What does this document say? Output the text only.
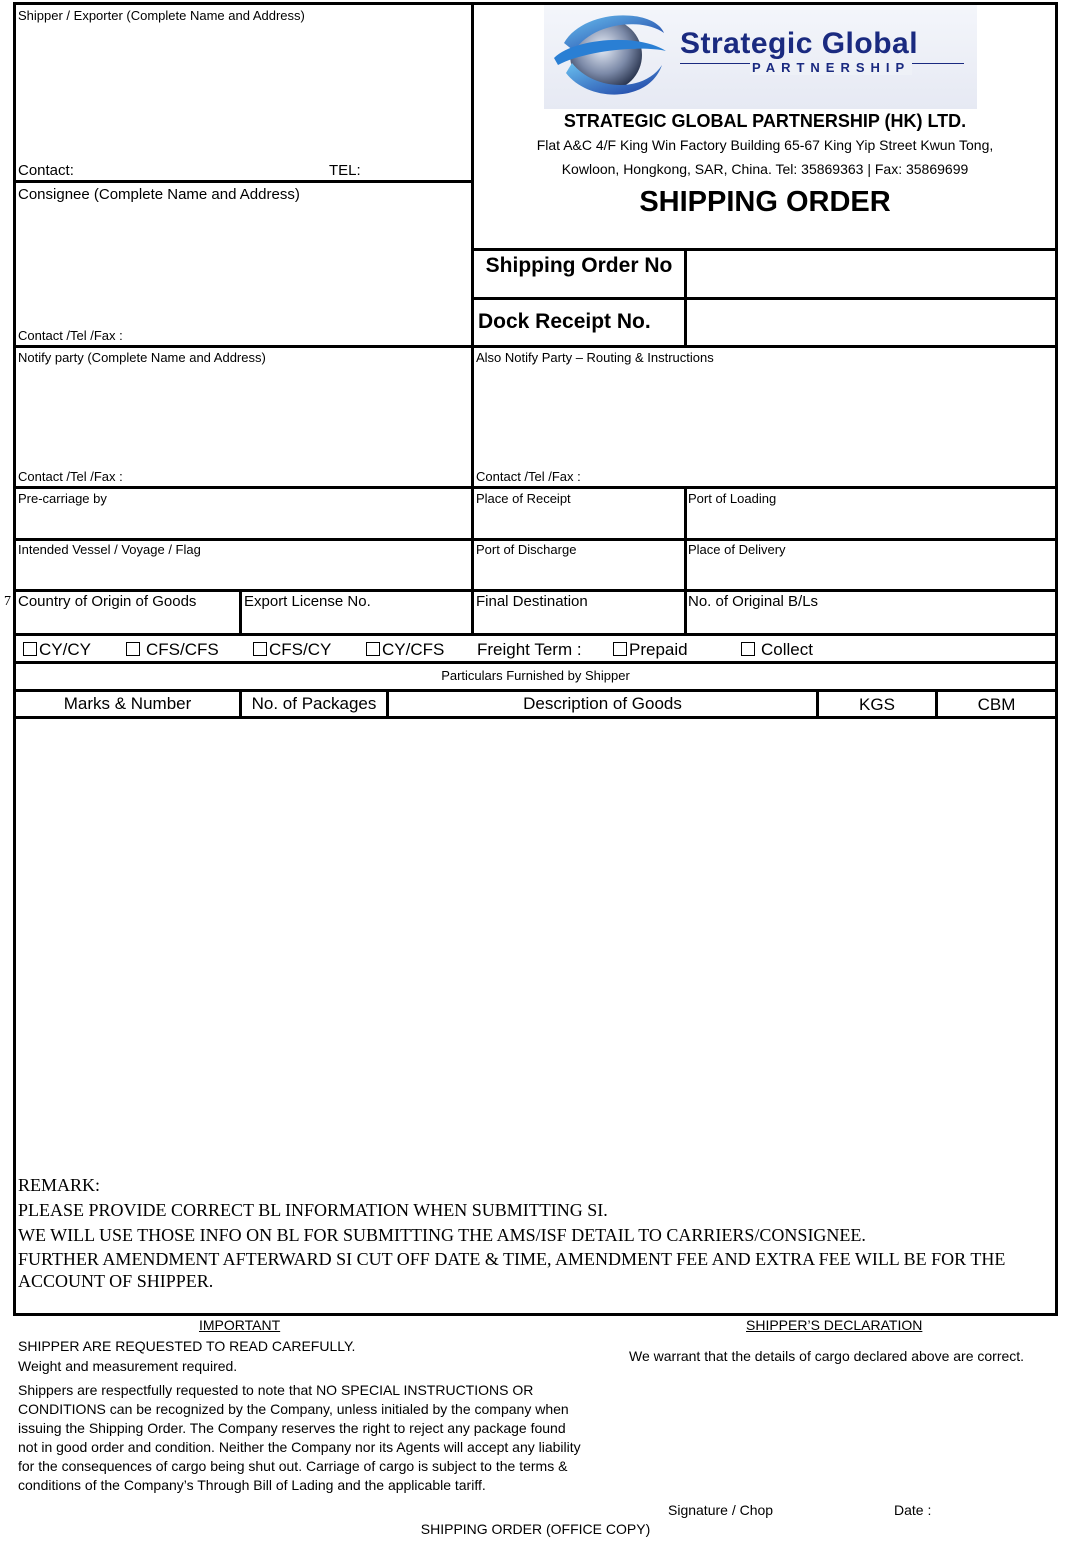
Strategic Global
PARTNERSHIP
STRATEGIC GLOBAL PARTNERSHIP (HK) LTD.
Flat A&C 4/F King Win Factory Building 65-67 King Yip Street Kwun Tong,
Kowloon, Hongkong, SAR, China. Tel: 35869363 | Fax: 35869699
SHIPPING ORDER
Shipper / Exporter (Complete Name and Address)
Contact:	TEL:
Consignee (Complete Name and Address)
Contact /Tel /Fax :
Shipping Order No
Dock Receipt No.
Notify party (Complete Name and Address)
Contact /Tel /Fax :
Also Notify Party – Routing & Instructions
Contact /Tel /Fax :
Pre-carriage by	Place of Receipt	Port of Loading
Intended Vessel / Voyage / Flag	Port of Discharge	Place of Delivery
7 Country of Origin of Goods	Export License No.	Final Destination	No. of Original B/Ls
CY/CY	CFS/CFS	CFS/CY	CY/CFS Freight Term :	Prepaid	Collect
Particulars Furnished by Shipper
Marks & Number	No. of Packages	Description of Goods	KGS	CBM
REMARK:
PLEASE PROVIDE CORRECT BL INFORMATION WHEN SUBMITTING SI.
WE WILL USE THOSE INFO ON BL FOR SUBMITTING THE AMS/ISF DETAIL TO CARRIERS/CONSIGNEE.
FURTHER AMENDMENT AFTERWARD SI CUT OFF DATE & TIME, AMENDMENT FEE AND EXTRA FEE WILL BE FOR THE
ACCOUNT OF SHIPPER.
IMPORTANT
SHIPPER ARE REQUESTED TO READ CAREFULLY.
Weight and measurement required.
Shippers are respectfully requested to note that NO SPECIAL INSTRUCTIONS OR
CONDITIONS can be recognized by the Company, unless initialed by the company when
issuing the Shipping Order. The Company reserves the right to reject any package found
not in good order and condition. Neither the Company nor its Agents will accept any liability
for the consequences of cargo being shut out. Carriage of cargo is subject to the terms &
conditions of the Company’s Through Bill of Lading and the applicable tariff.
SHIPPER’S DECLARATION
We warrant that the details of cargo declared above are correct.
Signature / Chop	Date :
SHIPPING ORDER (OFFICE COPY)
